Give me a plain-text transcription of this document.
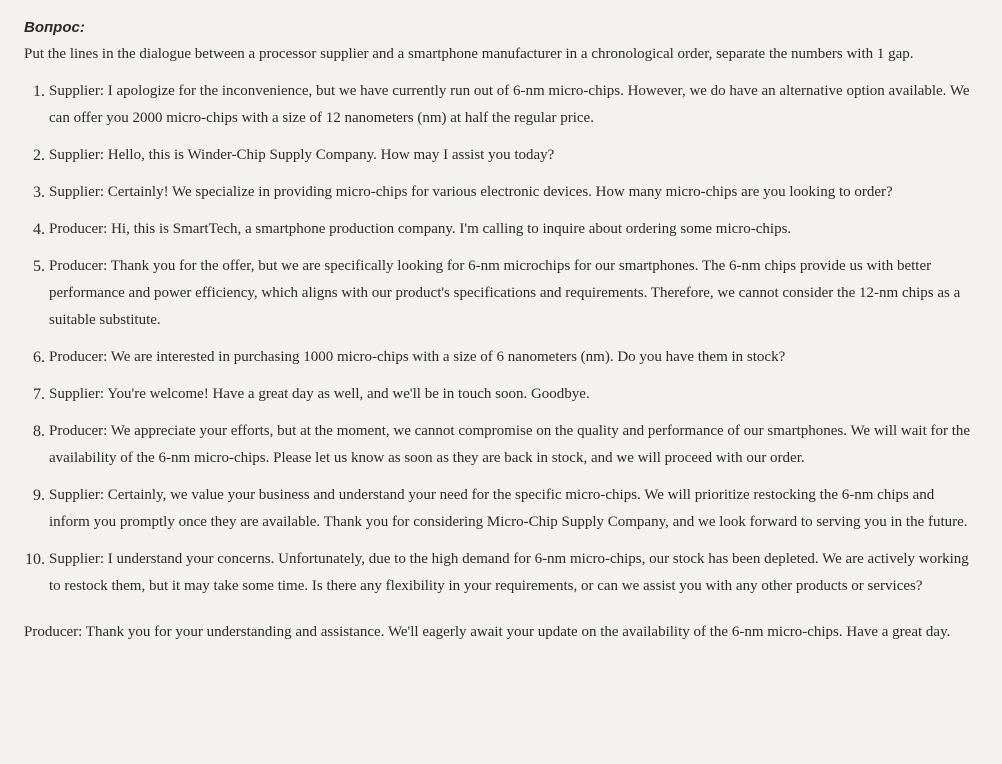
Вопрос:

Put the lines in the dialogue between a processor supplier and a smartphone manufacturer in a chronological order, separate the numbers with 1 gap.

1. Supplier: I apologize for the inconvenience, but we have currently run out of 6-nm micro-chips. However, we do have an alternative option available. We can offer you 2000 micro-chips with a size of 12 nanometers (nm) at half the regular price.
2. Supplier: Hello, this is Winder-Chip Supply Company. How may I assist you today?
3. Supplier: Certainly! We specialize in providing micro-chips for various electronic devices. How many micro-chips are you looking to order?
4. Producer: Hi, this is SmartTech, a smartphone production company. I'm calling to inquire about ordering some micro-chips.
5. Producer: Thank you for the offer, but we are specifically looking for 6-nm microchips for our smartphones. The 6-nm chips provide us with better performance and power efficiency, which aligns with our product's specifications and requirements. Therefore, we cannot consider the 12-nm chips as a suitable substitute.
6. Producer: We are interested in purchasing 1000 micro-chips with a size of 6 nanometers (nm). Do you have them in stock?
7. Supplier: You're welcome! Have a great day as well, and we'll be in touch soon. Goodbye.
8. Producer: We appreciate your efforts, but at the moment, we cannot compromise on the quality and performance of our smartphones. We will wait for the availability of the 6-nm micro-chips. Please let us know as soon as they are back in stock, and we will proceed with our order.
9. Supplier: Certainly, we value your business and understand your need for the specific micro-chips. We will prioritize restocking the 6-nm chips and inform you promptly once they are available. Thank you for considering Micro-Chip Supply Company, and we look forward to serving you in the future.
10. Supplier: I understand your concerns. Unfortunately, due to the high demand for 6-nm micro-chips, our stock has been depleted. We are actively working to restock them, but it may take some time. Is there any flexibility in your requirements, or can we assist you with any other products or services?

Producer: Thank you for your understanding and assistance. We'll eagerly await your update on the availability of the 6-nm micro-chips. Have a great day.
